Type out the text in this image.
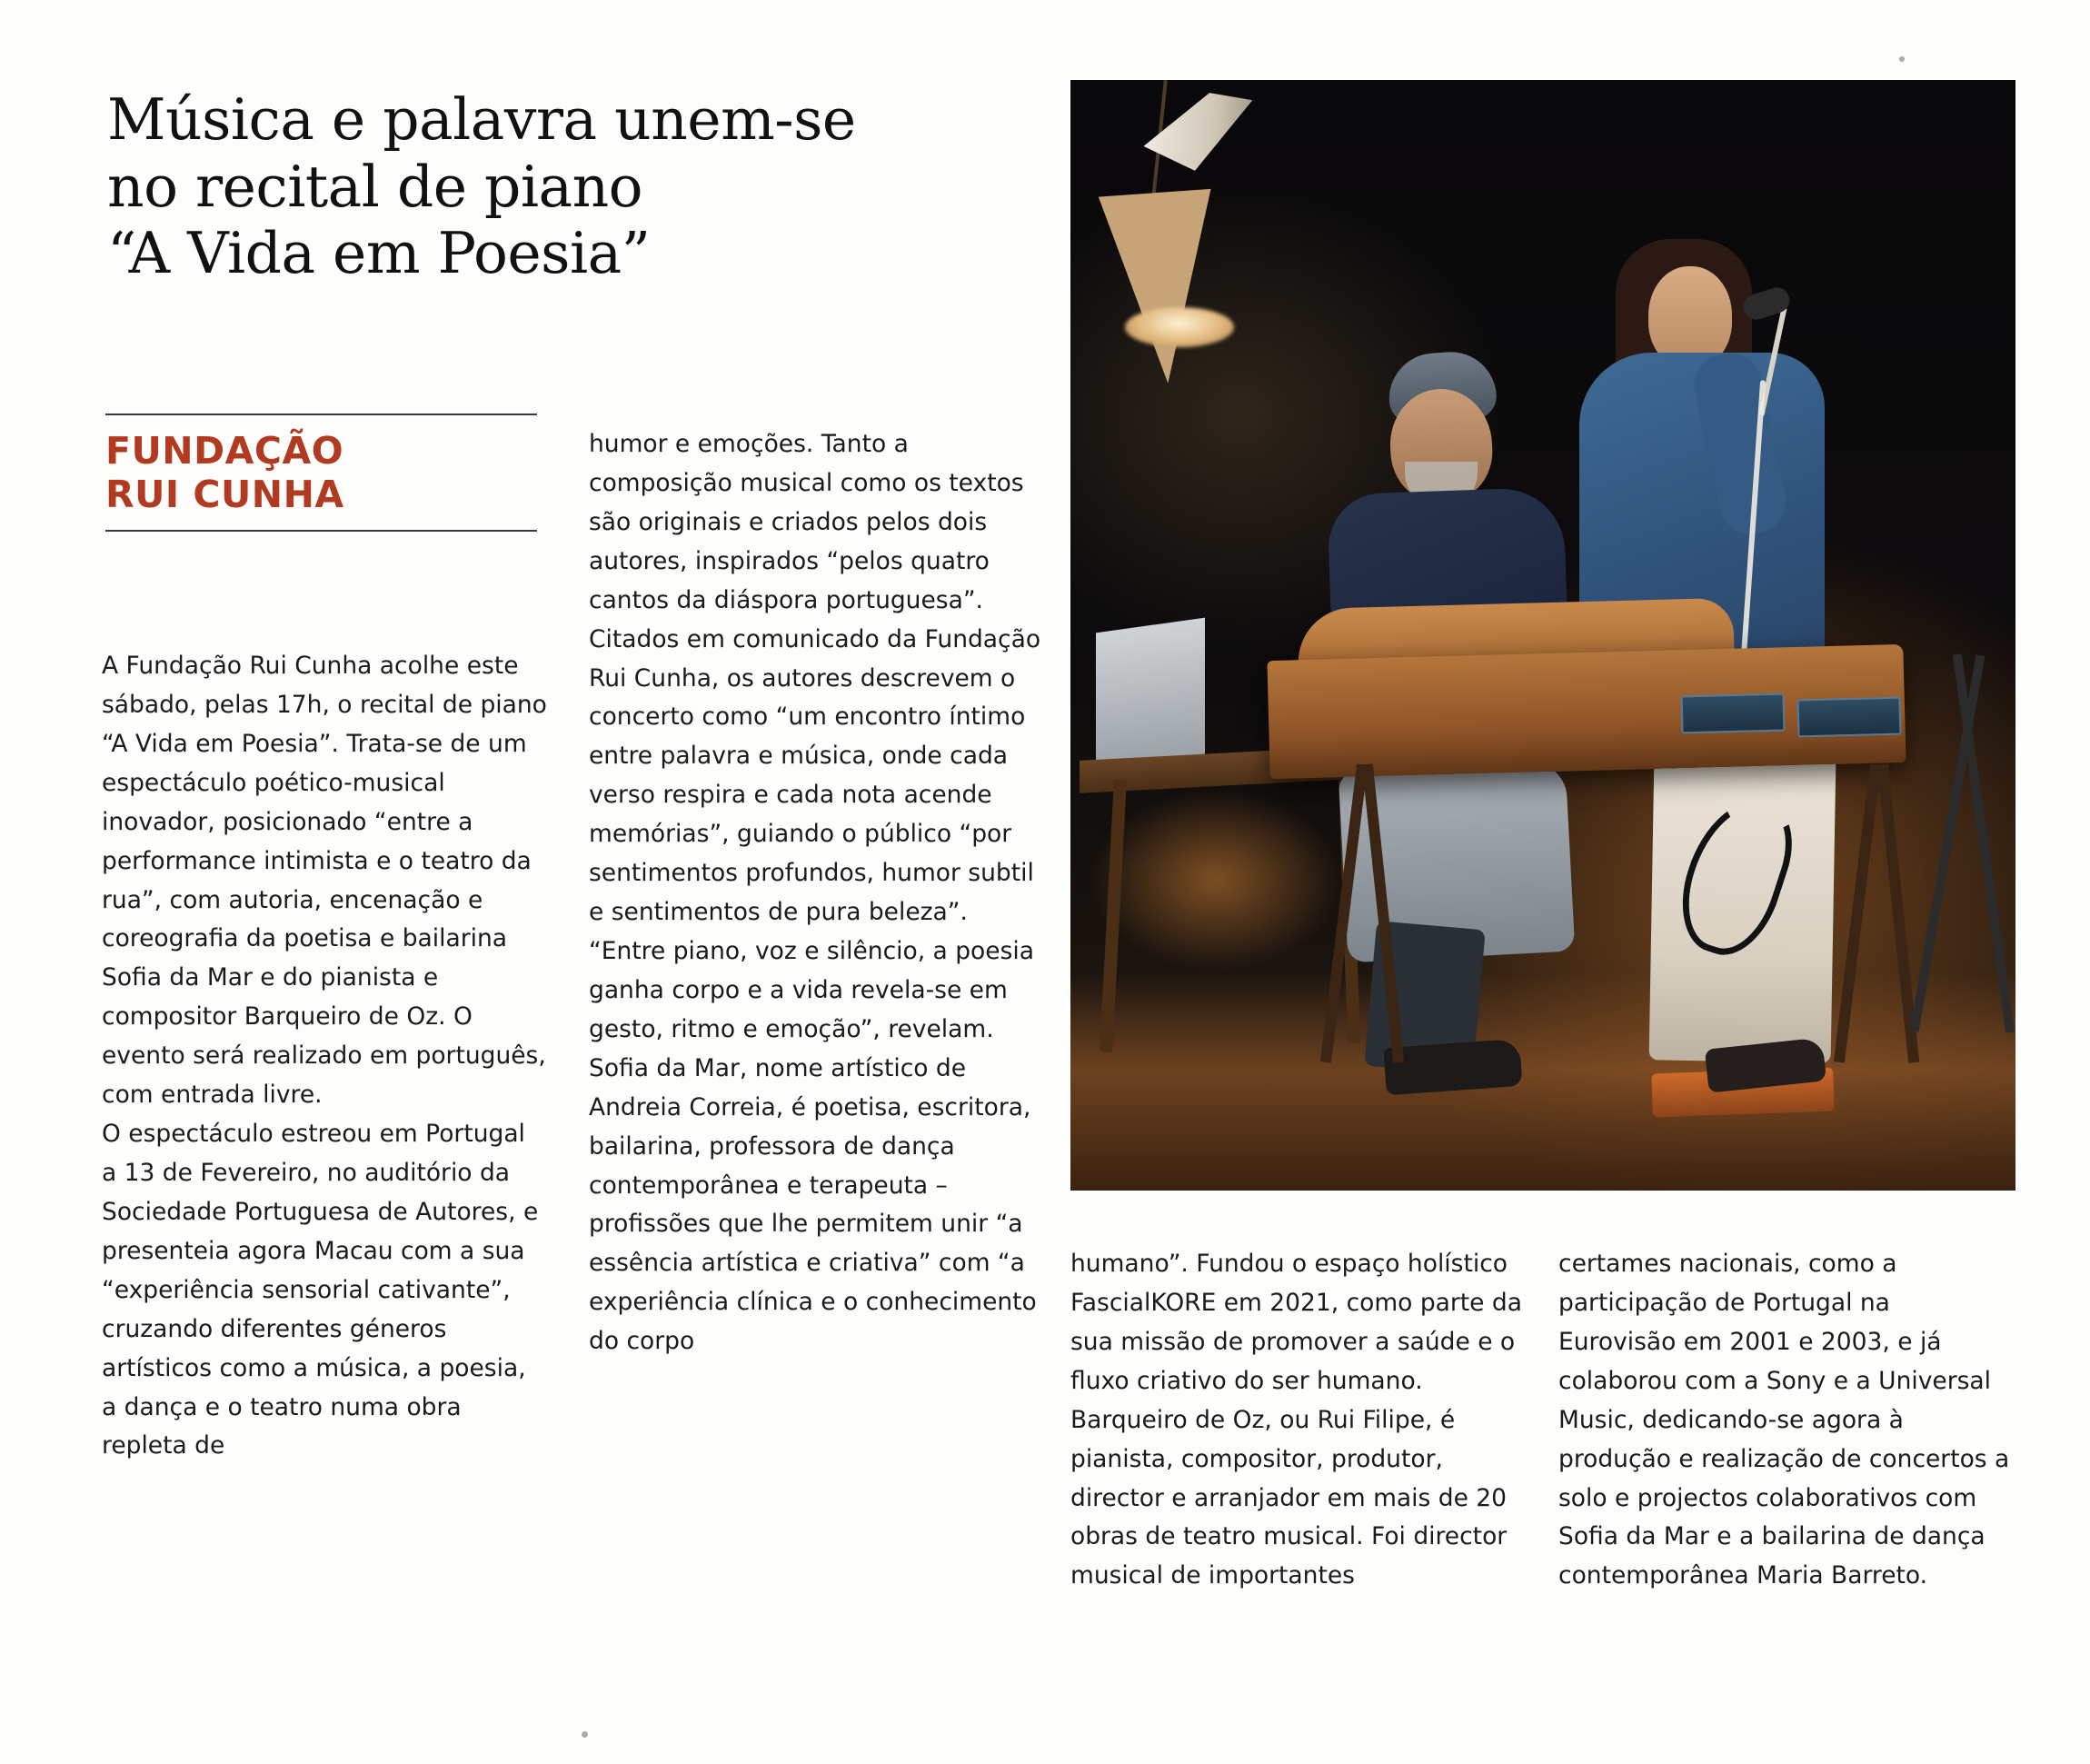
Música e palavra unem-se
no recital de piano
“A Vida em Poesia”
FUNDAÇÃO
RUI CUNHA

A Fundação Rui Cunha acolhe este sábado, pelas 17h, o recital de piano “A Vida em Poesia”. Trata-se de um espectáculo poético-musical inovador, posicionado “entre a performance intimista e o teatro da rua”, com autoria, encenação e coreografia da poetisa e bailarina Sofia da Mar e do pianista e compositor Barqueiro de Oz. O evento será realizado em português, com entrada livre.

O espectáculo estreou em Portugal a 13 de Fevereiro, no auditório da Sociedade Portuguesa de Autores, e presenteia agora Macau com a sua “experiência sensorial cativante”, cruzando diferentes géneros artísticos como a música, a poesia, a dança e o teatro numa obra repleta de

humor e emoções. Tanto a composição musical como os textos são originais e criados pelos dois autores, inspirados “pelos quatro cantos da diáspora portuguesa”.

Citados em comunicado da Fundação Rui Cunha, os autores descrevem o concerto como “um encontro íntimo entre palavra e música, onde cada verso respira e cada nota acende memórias”, guiando o público “por sentimentos profundos, humor subtil e sentimentos de pura beleza”.

“Entre piano, voz e silêncio, a poesia ganha corpo e a vida revela-se em gesto, ritmo e emoção”, revelam.

Sofia da Mar, nome artístico de Andreia Correia, é poetisa, escritora, bailarina, professora de dança contemporânea e terapeuta – profissões que lhe permitem unir “a essência artística e criativa” com “a experiência clínica e o conhecimento do corpo

humano”. Fundou o espaço holístico FascialKORE em 2021, como parte da sua missão de promover a saúde e o fluxo criativo do ser humano.

Barqueiro de Oz, ou Rui Filipe, é pianista, compositor, produtor, director e arranjador em mais de 20 obras de teatro musical. Foi director musical de importantes

certames nacionais, como a participação de Portugal na Eurovisão em 2001 e 2003, e já colaborou com a Sony e a Universal Music, dedicando-se agora à produção e realização de concertos a solo e projectos colaborativos com Sofia da Mar e a bailarina de dança contemporânea Maria Barreto.
